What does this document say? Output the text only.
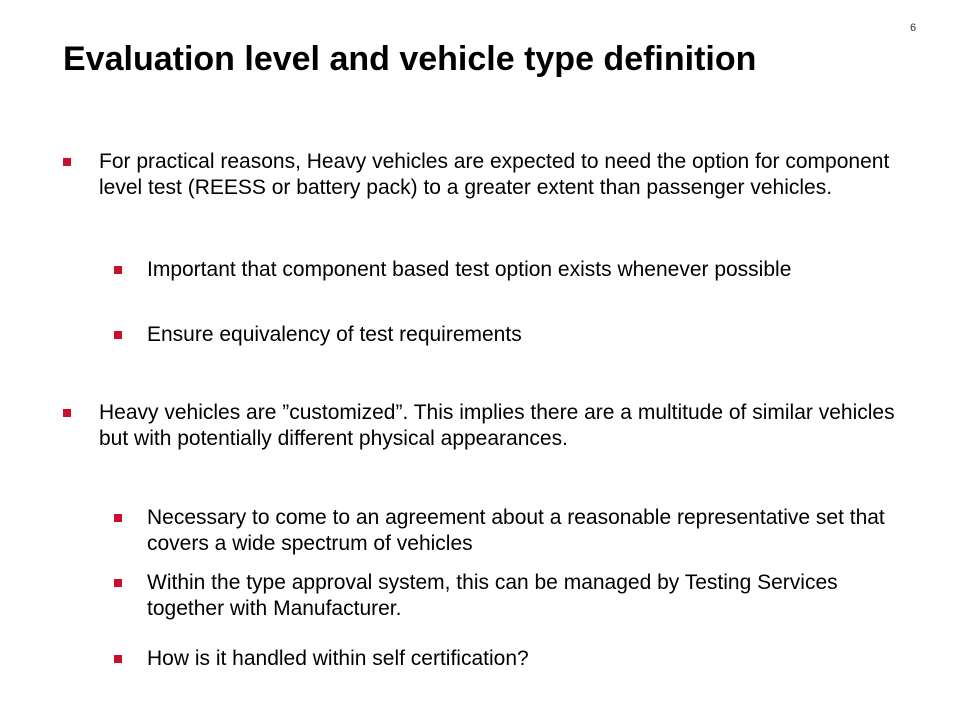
6
Evaluation level and vehicle type definition
For practical reasons, Heavy vehicles are expected to need the option for component level test (REESS or battery pack) to a greater extent than passenger vehicles.
Important that component based test option exists whenever possible
Ensure equivalency of test requirements
Heavy vehicles are ”customized”. This implies there are a multitude of similar vehicles but with potentially different physical appearances.
Necessary to come to an agreement about a reasonable representative set that covers a wide spectrum of vehicles
Within the type approval system, this can be managed by Testing Services together with Manufacturer.
How is it handled within self certification?
